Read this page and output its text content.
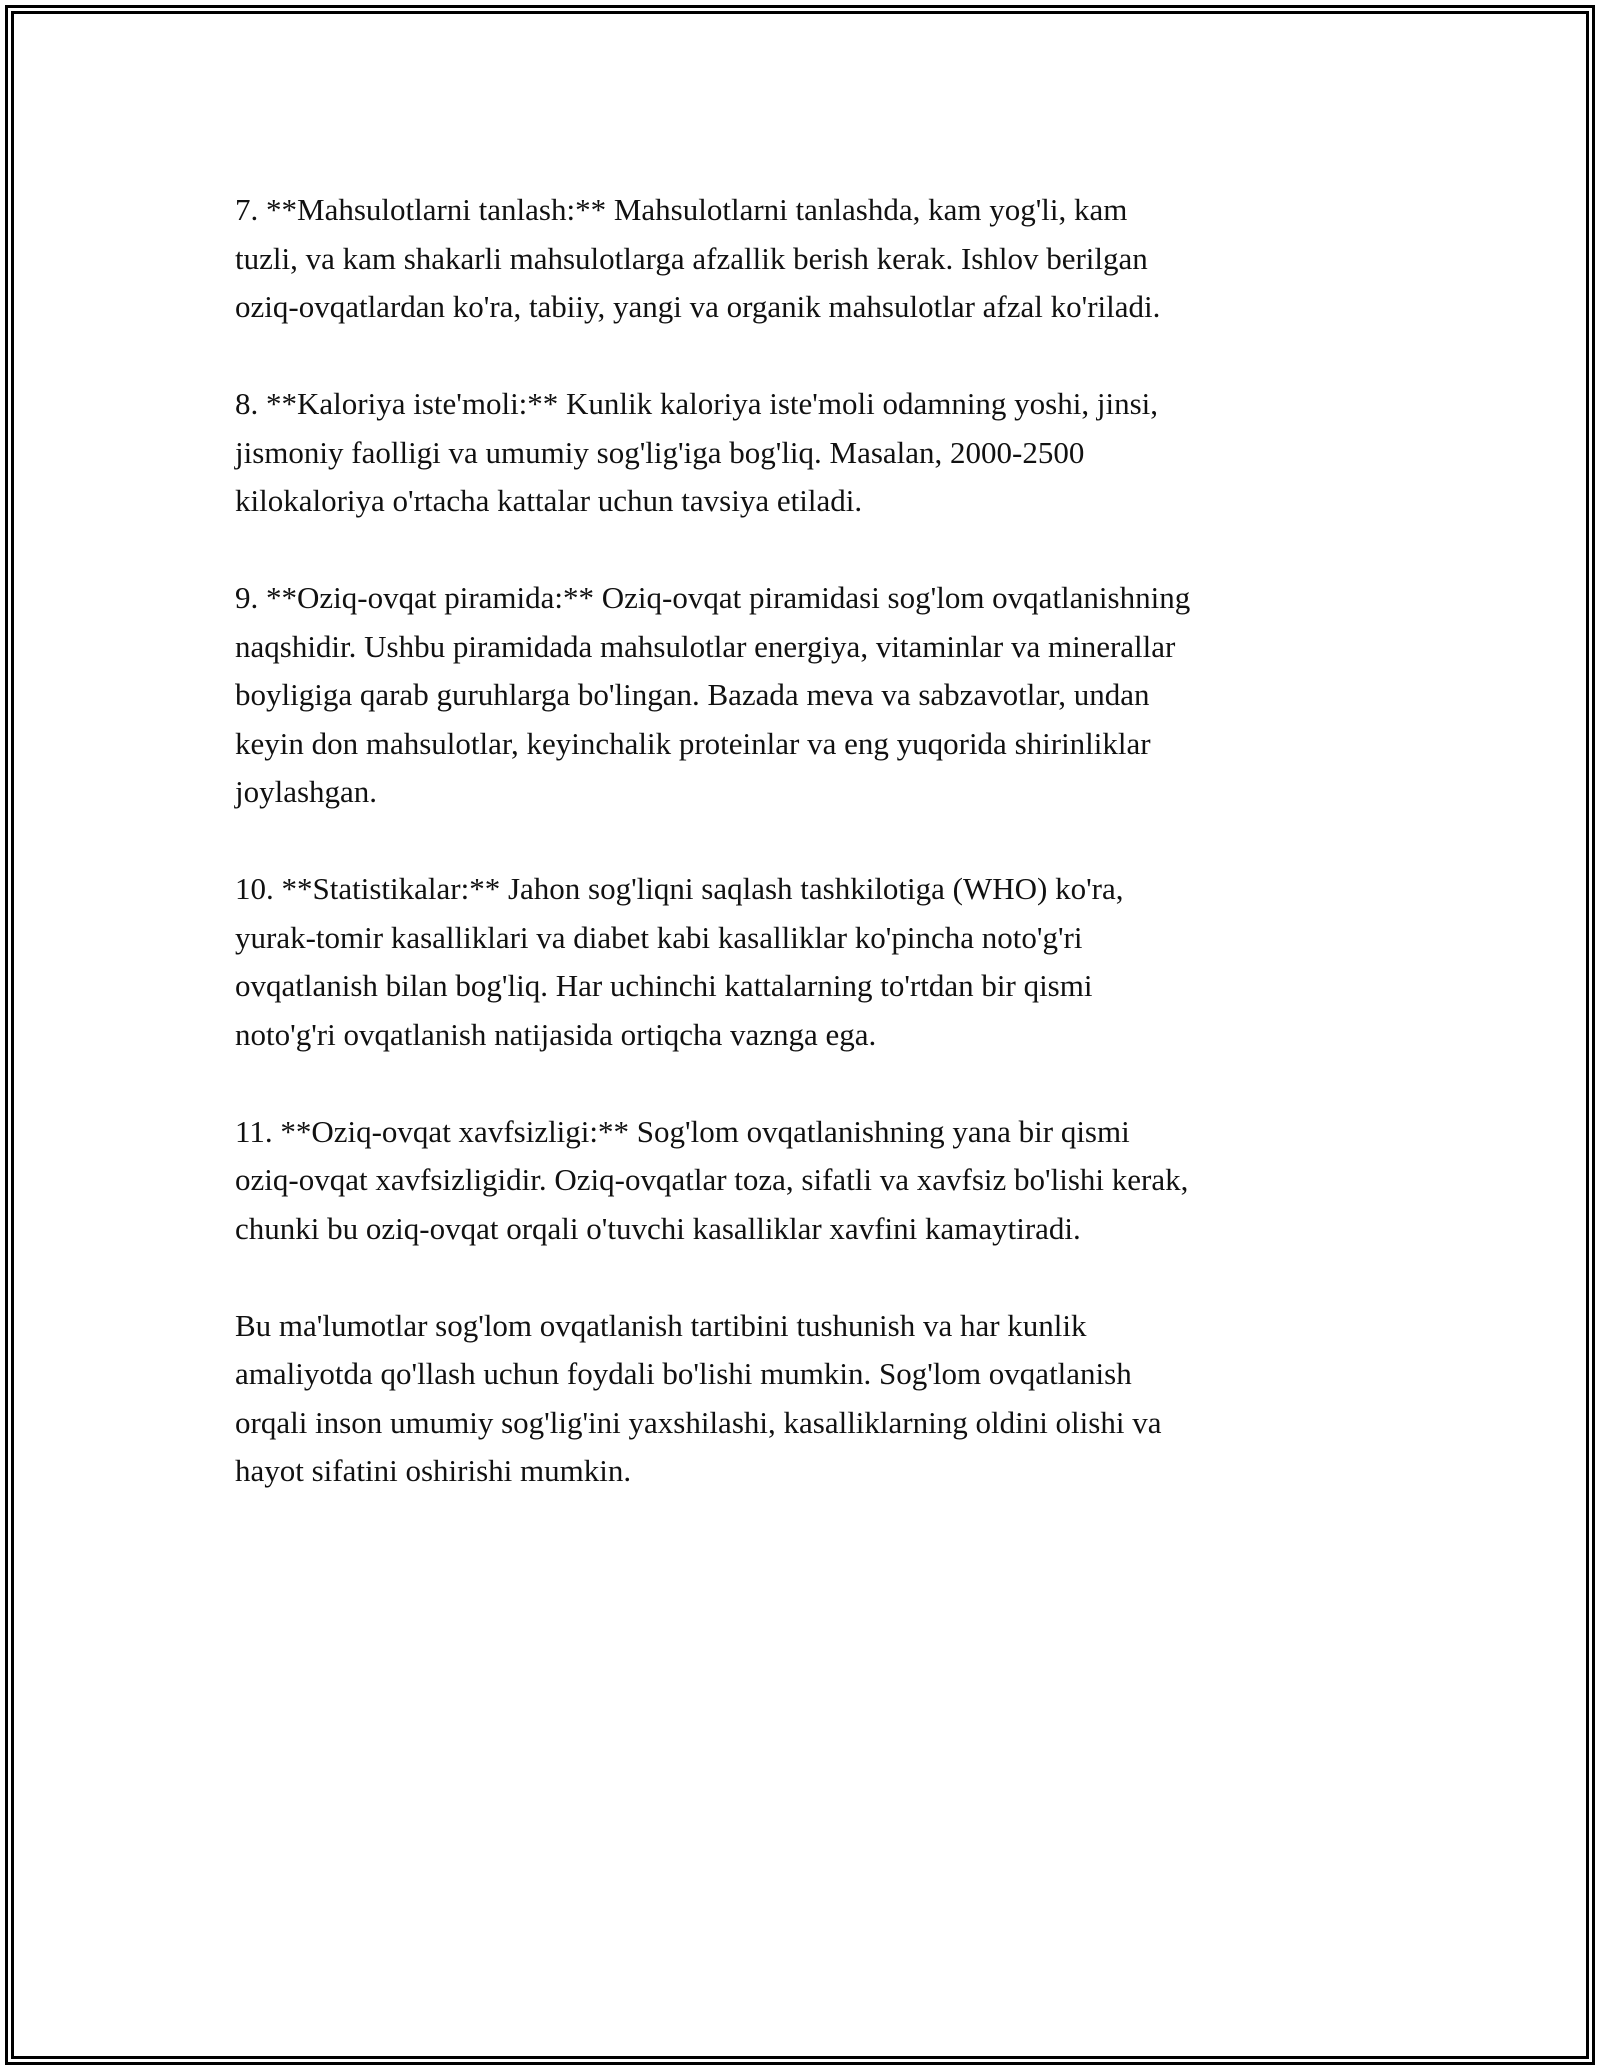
7. **Mahsulotlarni tanlash:** Mahsulotlarni tanlashda, kam yog'li, kam
tuzli, va kam shakarli mahsulotlarga afzallik berish kerak. Ishlov berilgan
oziq-ovqatlardan ko'ra, tabiiy, yangi va organik mahsulotlar afzal ko'riladi.

8. **Kaloriya iste'moli:** Kunlik kaloriya iste'moli odamning yoshi, jinsi,
jismoniy faolligi va umumiy sog'lig'iga bog'liq. Masalan, 2000-2500
kilokaloriya o'rtacha kattalar uchun tavsiya etiladi.

9. **Oziq-ovqat piramida:** Oziq-ovqat piramidasi sog'lom ovqatlanishning
naqshidir. Ushbu piramidada mahsulotlar energiya, vitaminlar va minerallar
boyligiga qarab guruhlarga bo'lingan. Bazada meva va sabzavotlar, undan
keyin don mahsulotlar, keyinchalik proteinlar va eng yuqorida shirinliklar
joylashgan.

10. **Statistikalar:** Jahon sog'liqni saqlash tashkilotiga (WHO) ko'ra,
yurak-tomir kasalliklari va diabet kabi kasalliklar ko'pincha noto'g'ri
ovqatlanish bilan bog'liq. Har uchinchi kattalarning to'rtdan bir qismi
noto'g'ri ovqatlanish natijasida ortiqcha vaznga ega.

11. **Oziq-ovqat xavfsizligi:** Sog'lom ovqatlanishning yana bir qismi
oziq-ovqat xavfsizligidir. Oziq-ovqatlar toza, sifatli va xavfsiz bo'lishi kerak,
chunki bu oziq-ovqat orqali o'tuvchi kasalliklar xavfini kamaytiradi.

Bu ma'lumotlar sog'lom ovqatlanish tartibini tushunish va har kunlik
amaliyotda qo'llash uchun foydali bo'lishi mumkin. Sog'lom ovqatlanish
orqali inson umumiy sog'lig'ini yaxshilashi, kasalliklarning oldini olishi va
hayot sifatini oshirishi mumkin.
